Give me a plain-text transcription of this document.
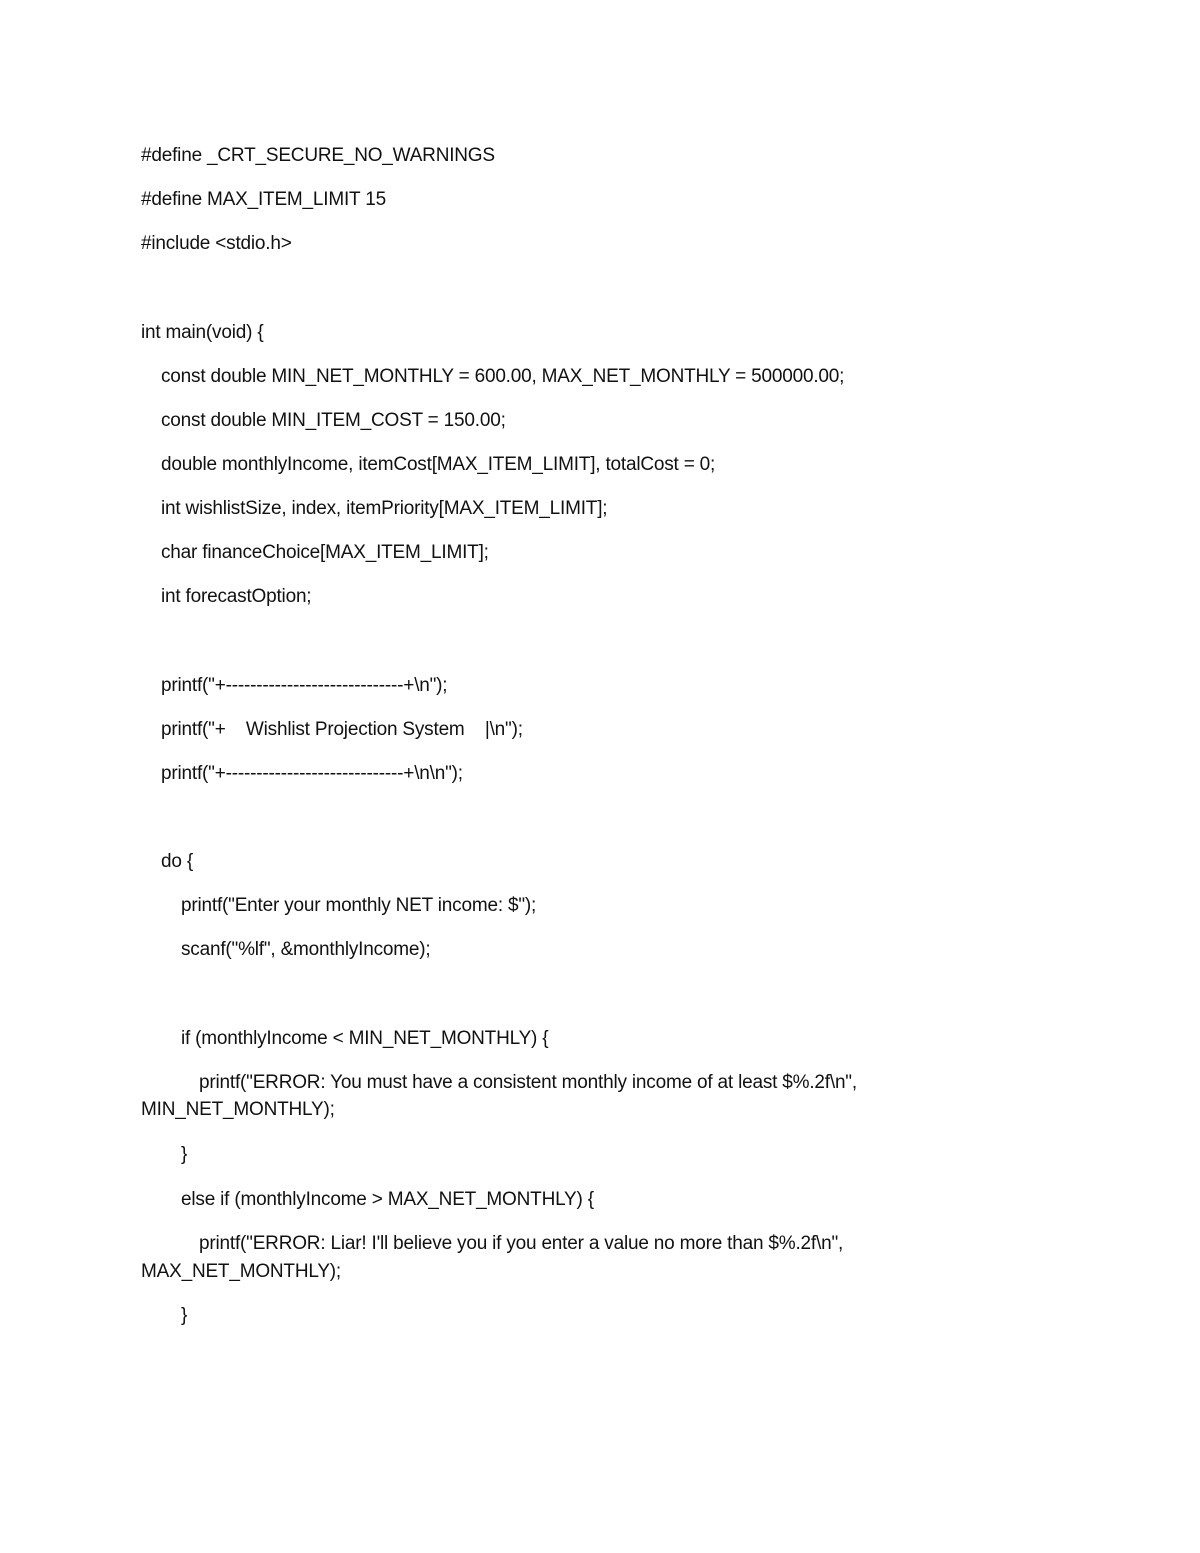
#define _CRT_SECURE_NO_WARNINGS
#define MAX_ITEM_LIMIT 15
#include <stdio.h>
int main(void) {
const double MIN_NET_MONTHLY = 600.00, MAX_NET_MONTHLY = 500000.00;
const double MIN_ITEM_COST = 150.00;
double monthlyIncome, itemCost[MAX_ITEM_LIMIT], totalCost = 0;
int wishlistSize, index, itemPriority[MAX_ITEM_LIMIT];
char financeChoice[MAX_ITEM_LIMIT];
int forecastOption;
printf("+-----------------------------+\n");
printf("+    Wishlist Projection System    |\n");
printf("+-----------------------------+\n\n");
do {
printf("Enter your monthly NET income: $");
scanf("%lf", &monthlyIncome);
if (monthlyIncome < MIN_NET_MONTHLY) {
printf("ERROR: You must have a consistent monthly income of at least $%.2f\n",
MIN_NET_MONTHLY);
}
else if (monthlyIncome > MAX_NET_MONTHLY) {
printf("ERROR: Liar! I'll believe you if you enter a value no more than $%.2f\n",
MAX_NET_MONTHLY);
}
